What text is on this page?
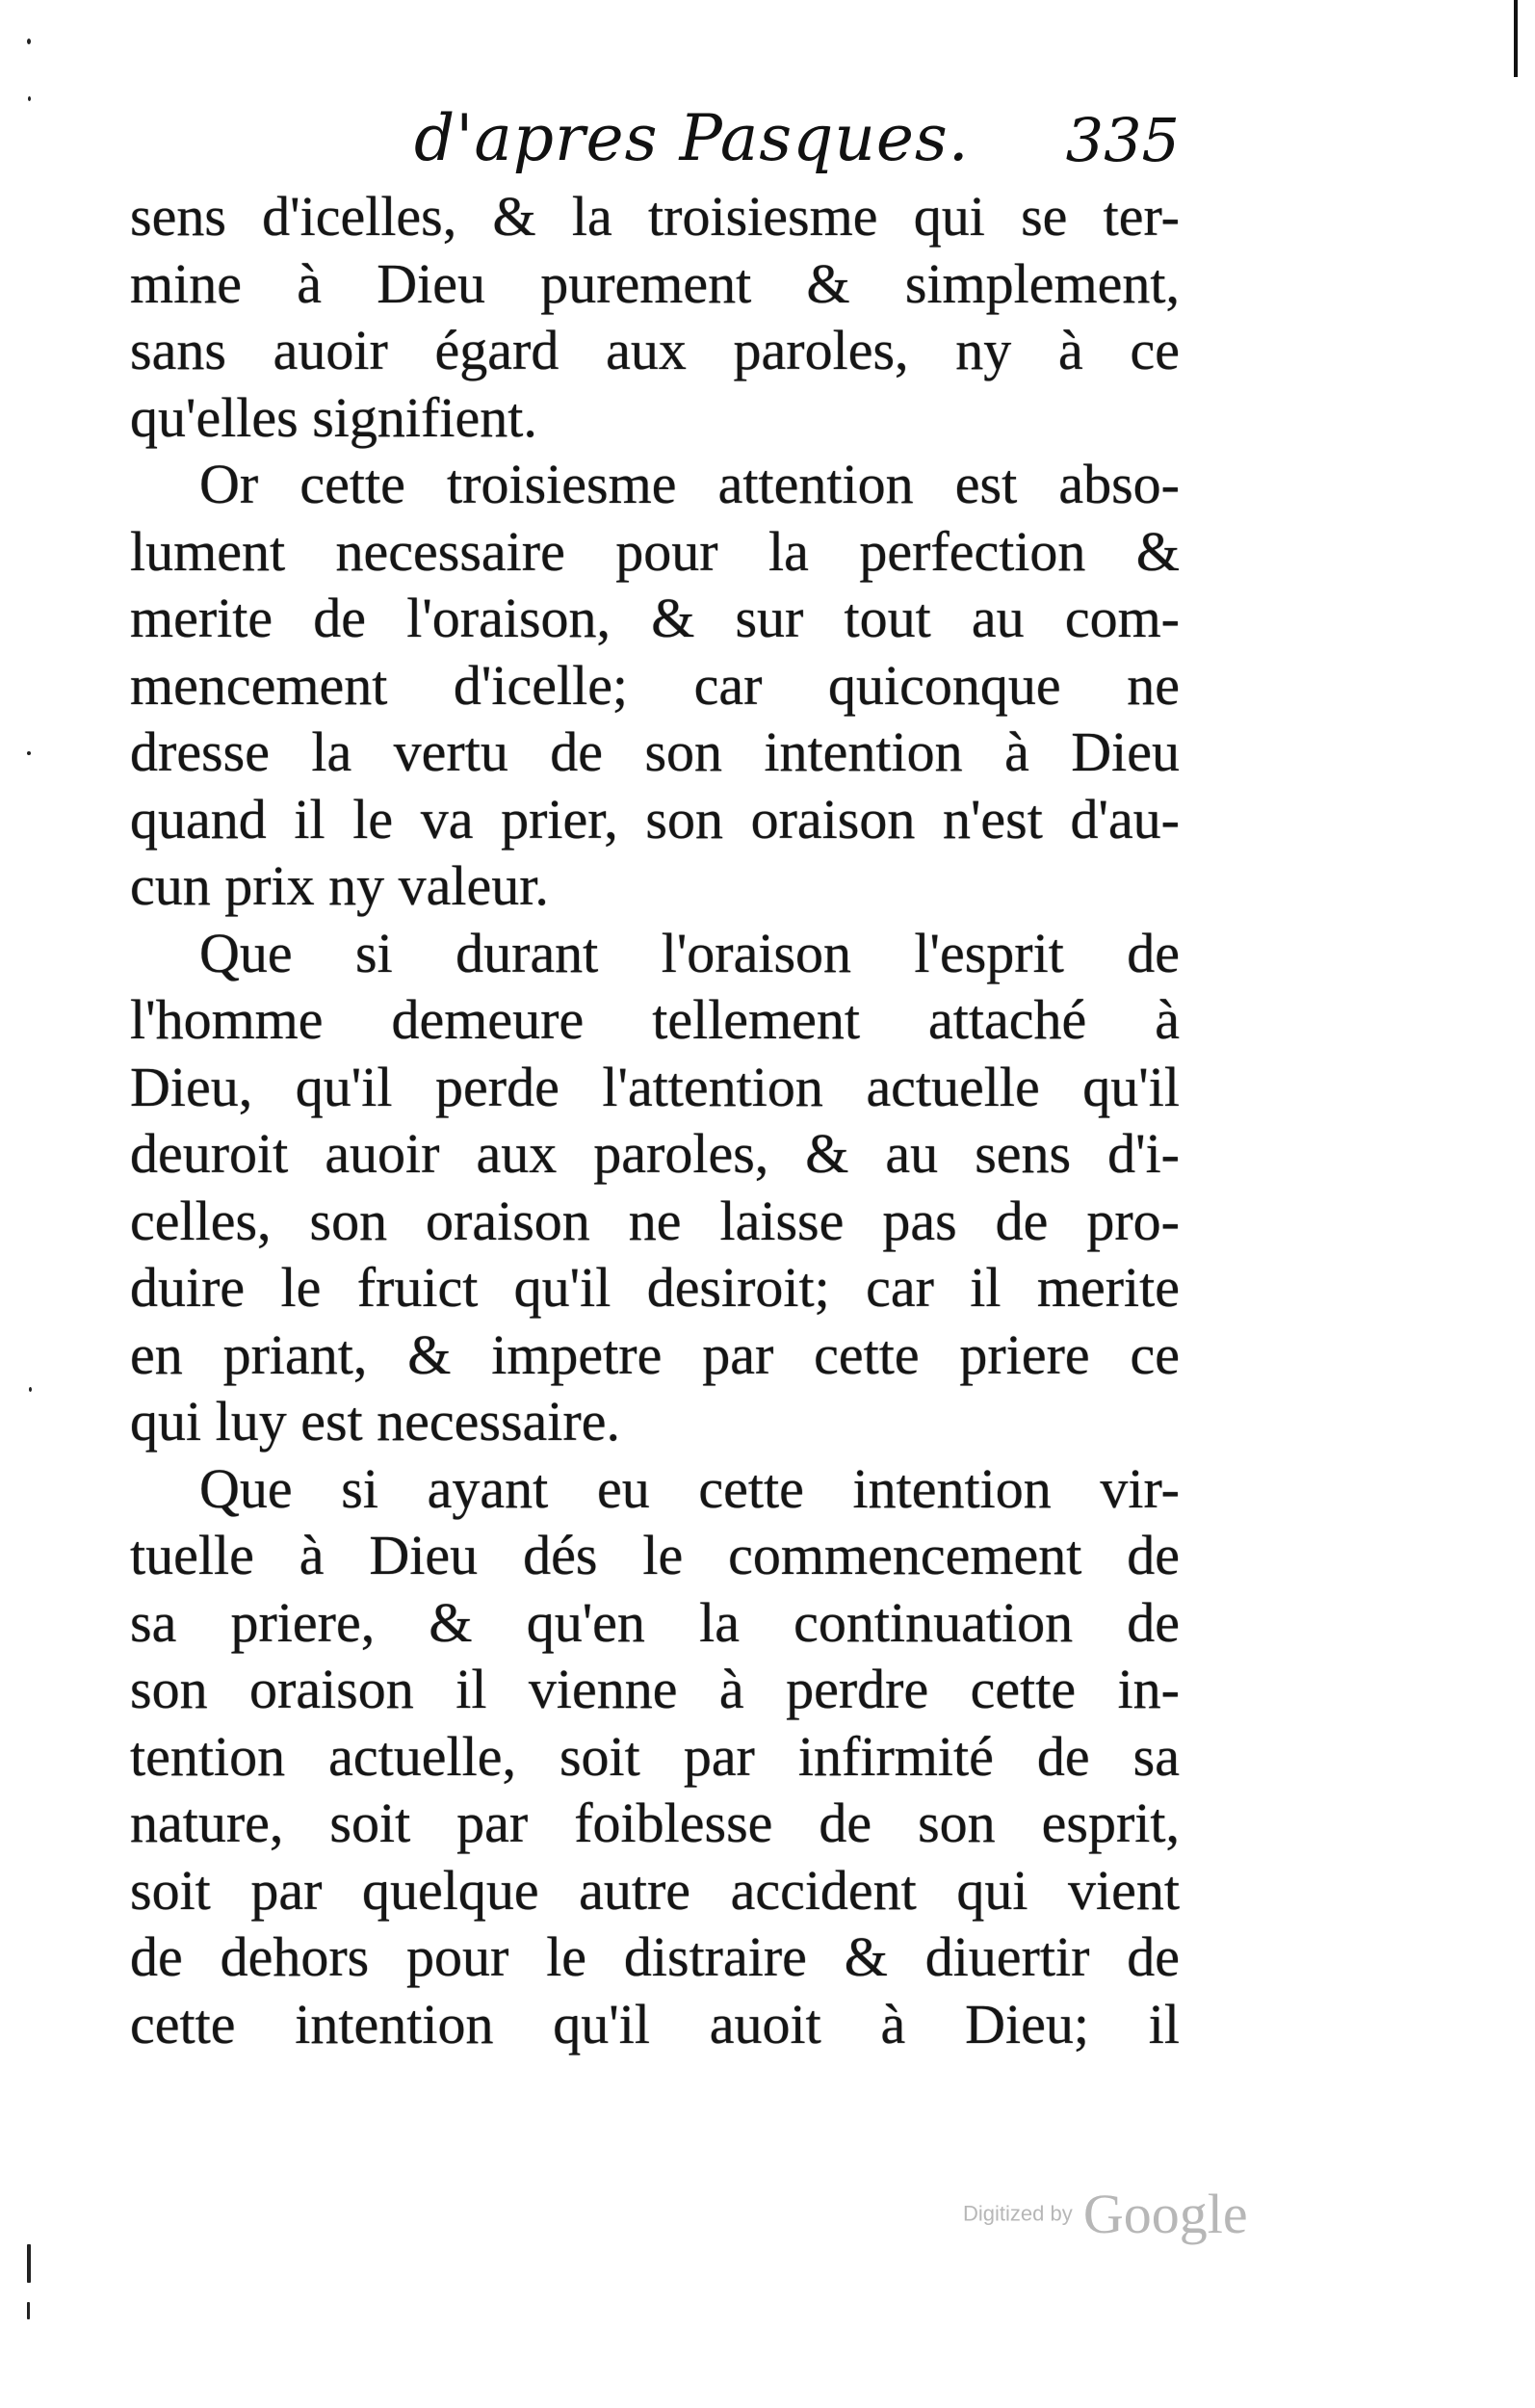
d'apres Pasques. 335
sens d'icelles, & la troisiesme qui se ter-
mine à Dieu purement & simplement,
sans auoir égard aux paroles, ny à ce
qu'elles signifient.
Or cette troisiesme attention est abso-
lument necessaire pour la perfection &
merite de l'oraison, & sur tout au com-
mencement d'icelle; car quiconque ne
dresse la vertu de son intention à Dieu
quand il le va prier, son oraison n'est d'au-
cun prix ny valeur.
Que si durant l'oraison l'esprit de
l'homme demeure tellement attaché à
Dieu, qu'il perde l'attention actuelle qu'il
deuroit auoir aux paroles, & au sens d'i-
celles, son oraison ne laisse pas de pro-
duire le fruict qu'il desiroit; car il merite
en priant, & impetre par cette priere ce
qui luy est necessaire.
Que si ayant eu cette intention vir-
tuelle à Dieu dés le commencement de
sa priere, & qu'en la continuation de
son oraison il vienne à perdre cette in-
tention actuelle, soit par infirmité de sa
nature, soit par foiblesse de son esprit,
soit par quelque autre accident qui vient
de dehors pour le distraire & diuertir de
cette intention qu'il auoit à Dieu; il
Digitized by Google
